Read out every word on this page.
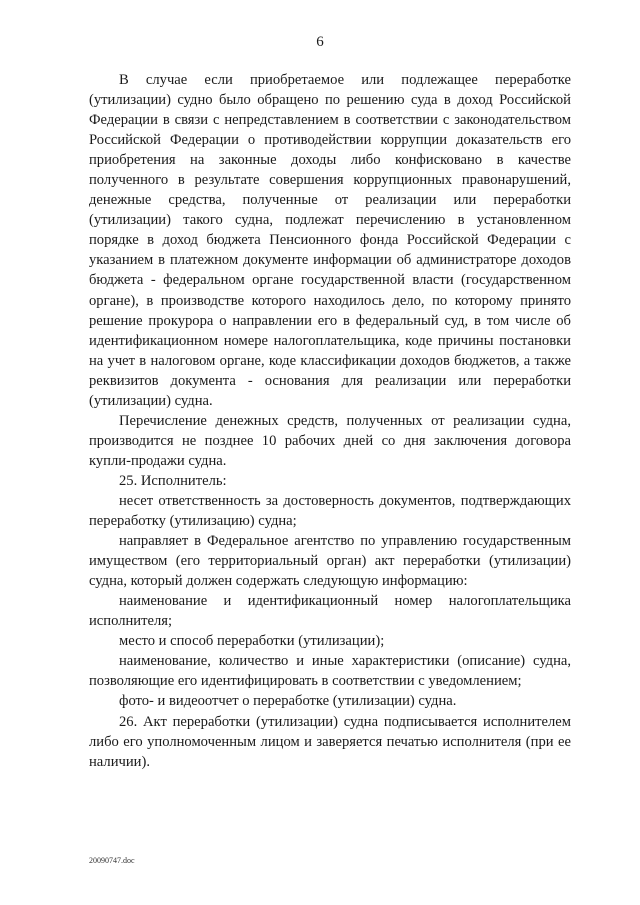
6

В случае если приобретаемое или подлежащее переработке (утилизации) судно было обращено по решению суда в доход Российской Федерации в связи с непредставлением в соответствии с законодательством Российской Федерации о противодействии коррупции доказательств его приобретения на законные доходы либо конфисковано в качестве полученного в результате совершения коррупционных правонарушений, денежные средства, полученные от реализации или переработки (утилизации) такого судна, подлежат перечислению в установленном порядке в доход бюджета Пенсионного фонда Российской Федерации с указанием в платежном документе информации об администраторе доходов бюджета - федеральном органе государственной власти (государственном органе), в производстве которого находилось дело, по которому принято решение прокурора о направлении его в федеральный суд, в том числе об идентификационном номере налогоплательщика, коде причины постановки на учет в налоговом органе, коде классификации доходов бюджетов, а также реквизитов документа - основания для реализации или переработки (утилизации) судна.

Перечисление денежных средств, полученных от реализации судна, производится не позднее 10 рабочих дней со дня заключения договора купли-продажи судна.

25. Исполнитель:

несет ответственность за достоверность документов, подтверждающих переработку (утилизацию) судна;

направляет в Федеральное агентство по управлению государственным имуществом (его территориальный орган) акт переработки (утилизации) судна, который должен содержать следующую информацию:

наименование и идентификационный номер налогоплательщика исполнителя;

место и способ переработки (утилизации);

наименование, количество и иные характеристики (описание) судна, позволяющие его идентифицировать в соответствии с уведомлением;

фото- и видеоотчет о переработке (утилизации) судна.

26. Акт переработки (утилизации) судна подписывается исполнителем либо его уполномоченным лицом и заверяется печатью исполнителя (при ее наличии).

20090747.doc
